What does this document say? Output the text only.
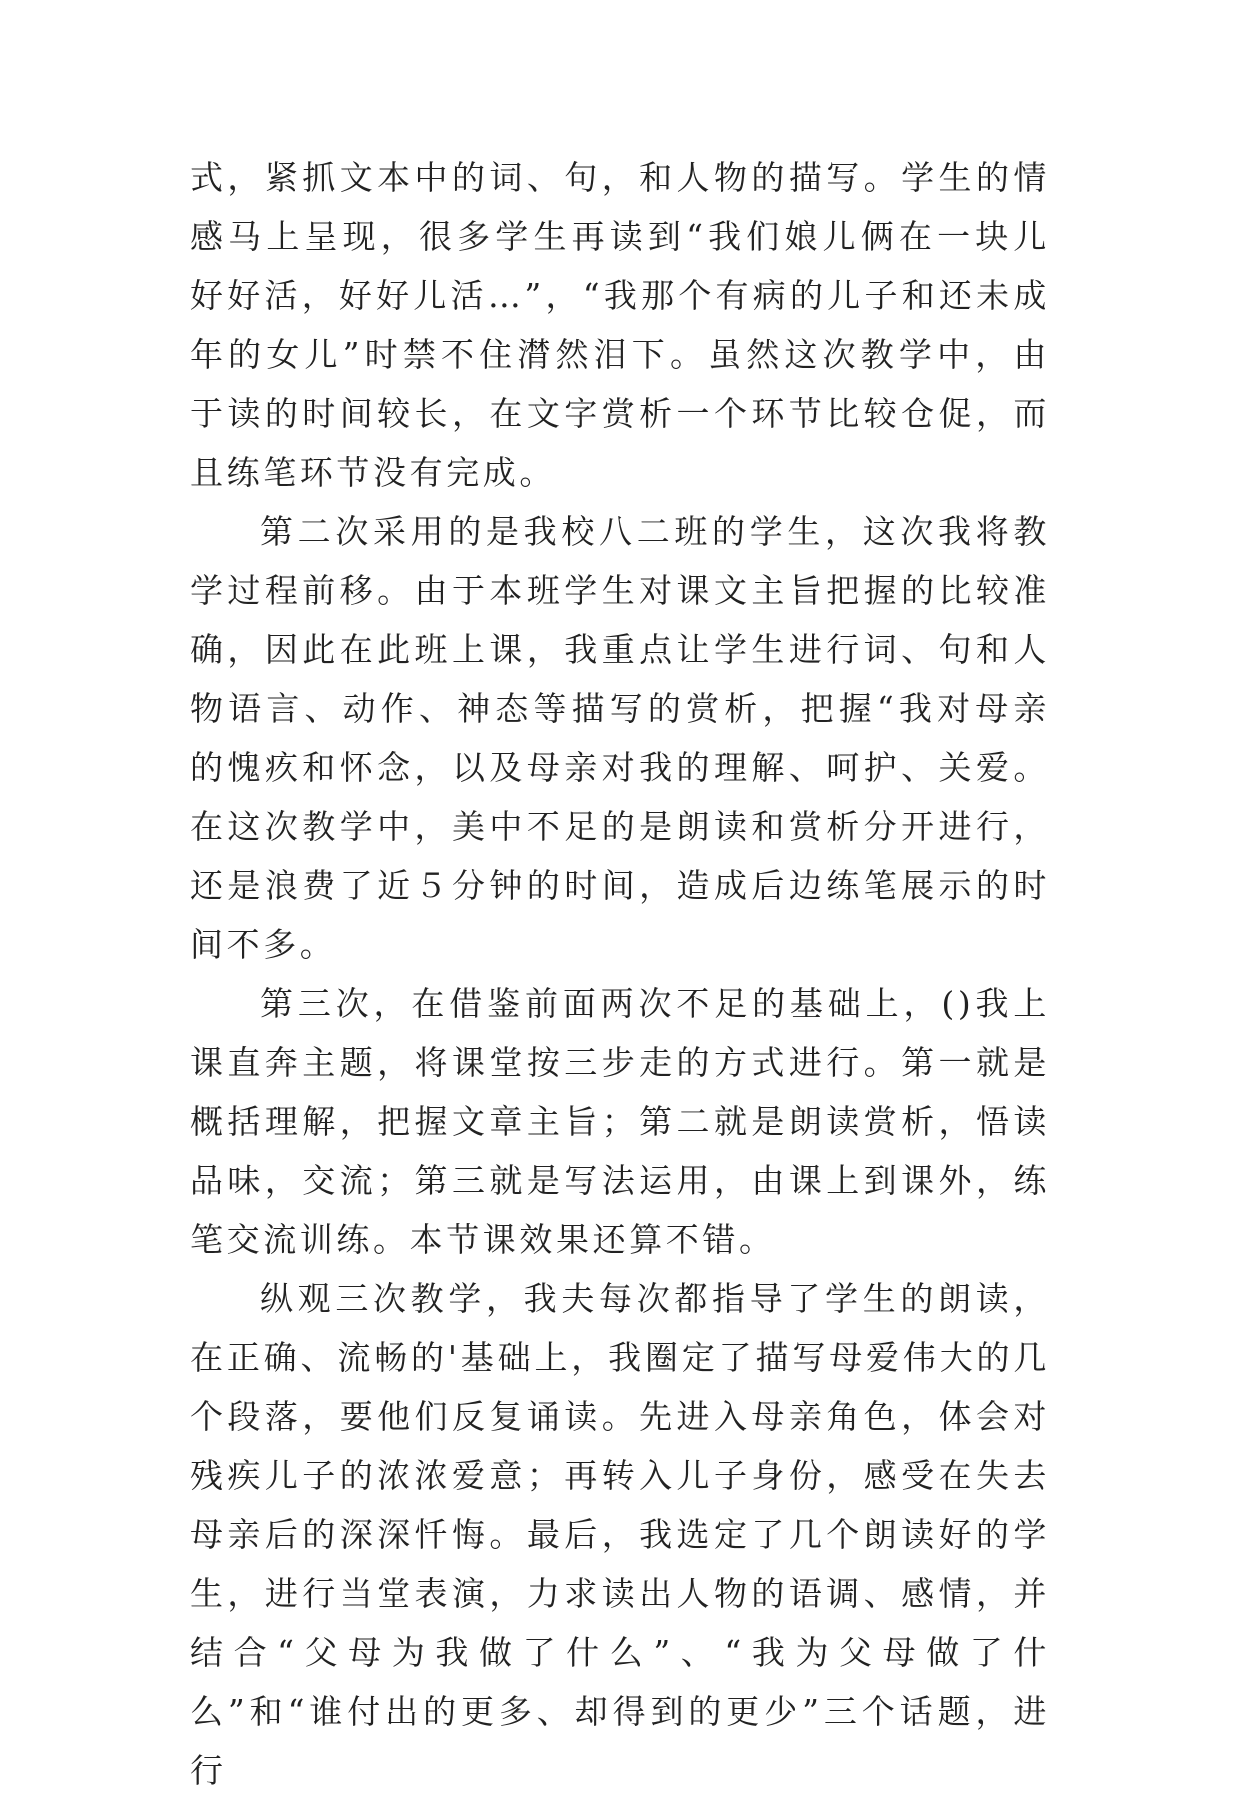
式，紧抓文本中的词、句，和人物的描写。学生的情感马上呈现，很多学生再读到“我们娘儿俩在一块儿好好活，好好儿活…”，“我那个有病的儿子和还未成年的女儿”时禁不住潸然泪下。虽然这次教学中，由于读的时间较长，在文字赏析一个环节比较仓促，而且练笔环节没有完成。

第二次采用的是我校八二班的学生，这次我将教学过程前移。由于本班学生对课文主旨把握的比较准确，因此在此班上课，我重点让学生进行词、句和人物语言、动作、神态等描写的赏析，把握“我对母亲的愧疚和怀念，以及母亲对我的理解、呵护、关爱。在这次教学中，美中不足的是朗读和赏析分开进行，还是浪费了近５分钟的时间，造成后边练笔展示的时间不多。

第三次，在借鉴前面两次不足的基础上，()我上课直奔主题，将课堂按三步走的方式进行。第一就是概括理解，把握文章主旨；第二就是朗读赏析，悟读品味，交流；第三就是写法运用，由课上到课外，练笔交流训练。本节课效果还算不错。

纵观三次教学，我夫每次都指导了学生的朗读，在正确、流畅的'基础上，我圈定了描写母爱伟大的几个段落，要他们反复诵读。先进入母亲角色，体会对残疾儿子的浓浓爱意；再转入儿子身份，感受在失去母亲后的深深忏悔。最后，我选定了几个朗读好的学生，进行当堂表演，力求读出人物的语调、感情，并结合“父母为我做了什么”、“我为父母做了什么”和“谁付出的更多、却得到的更少”三个话题，进行
